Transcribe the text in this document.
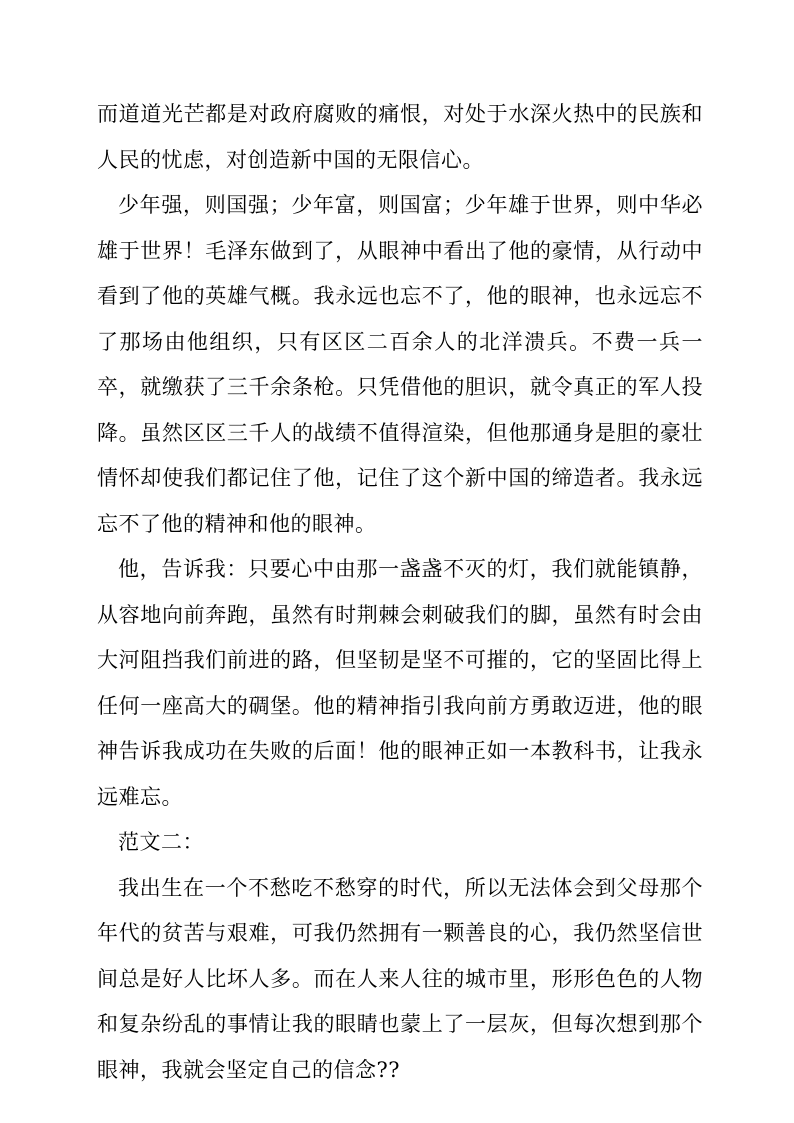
而道道光芒都是对政府腐败的痛恨，对处于水深火热中的民族和人民的忧虑，对创造新中国的无限信心。

少年强，则国强；少年富，则国富；少年雄于世界，则中华必雄于世界！毛泽东做到了，从眼神中看出了他的豪情，从行动中看到了他的英雄气概。我永远也忘不了，他的眼神，也永远忘不了那场由他组织，只有区区二百余人的北洋溃兵。不费一兵一卒，就缴获了三千余条枪。只凭借他的胆识，就令真正的军人投降。虽然区区三千人的战绩不值得渲染，但他那通身是胆的豪壮情怀却使我们都记住了他，记住了这个新中国的缔造者。我永远忘不了他的精神和他的眼神。

他，告诉我：只要心中由那一盏盏不灭的灯，我们就能镇静，从容地向前奔跑，虽然有时荆棘会刺破我们的脚，虽然有时会由大河阻挡我们前进的路，但坚韧是坚不可摧的，它的坚固比得上任何一座高大的碉堡。他的精神指引我向前方勇敢迈进，他的眼神告诉我成功在失败的后面！他的眼神正如一本教科书，让我永远难忘。

范文二：

我出生在一个不愁吃不愁穿的时代，所以无法体会到父母那个年代的贫苦与艰难，可我仍然拥有一颗善良的心，我仍然坚信世间总是好人比坏人多。而在人来人往的城市里，形形色色的人物和复杂纷乱的事情让我的眼睛也蒙上了一层灰，但每次想到那个眼神，我就会坚定自己的信念??
